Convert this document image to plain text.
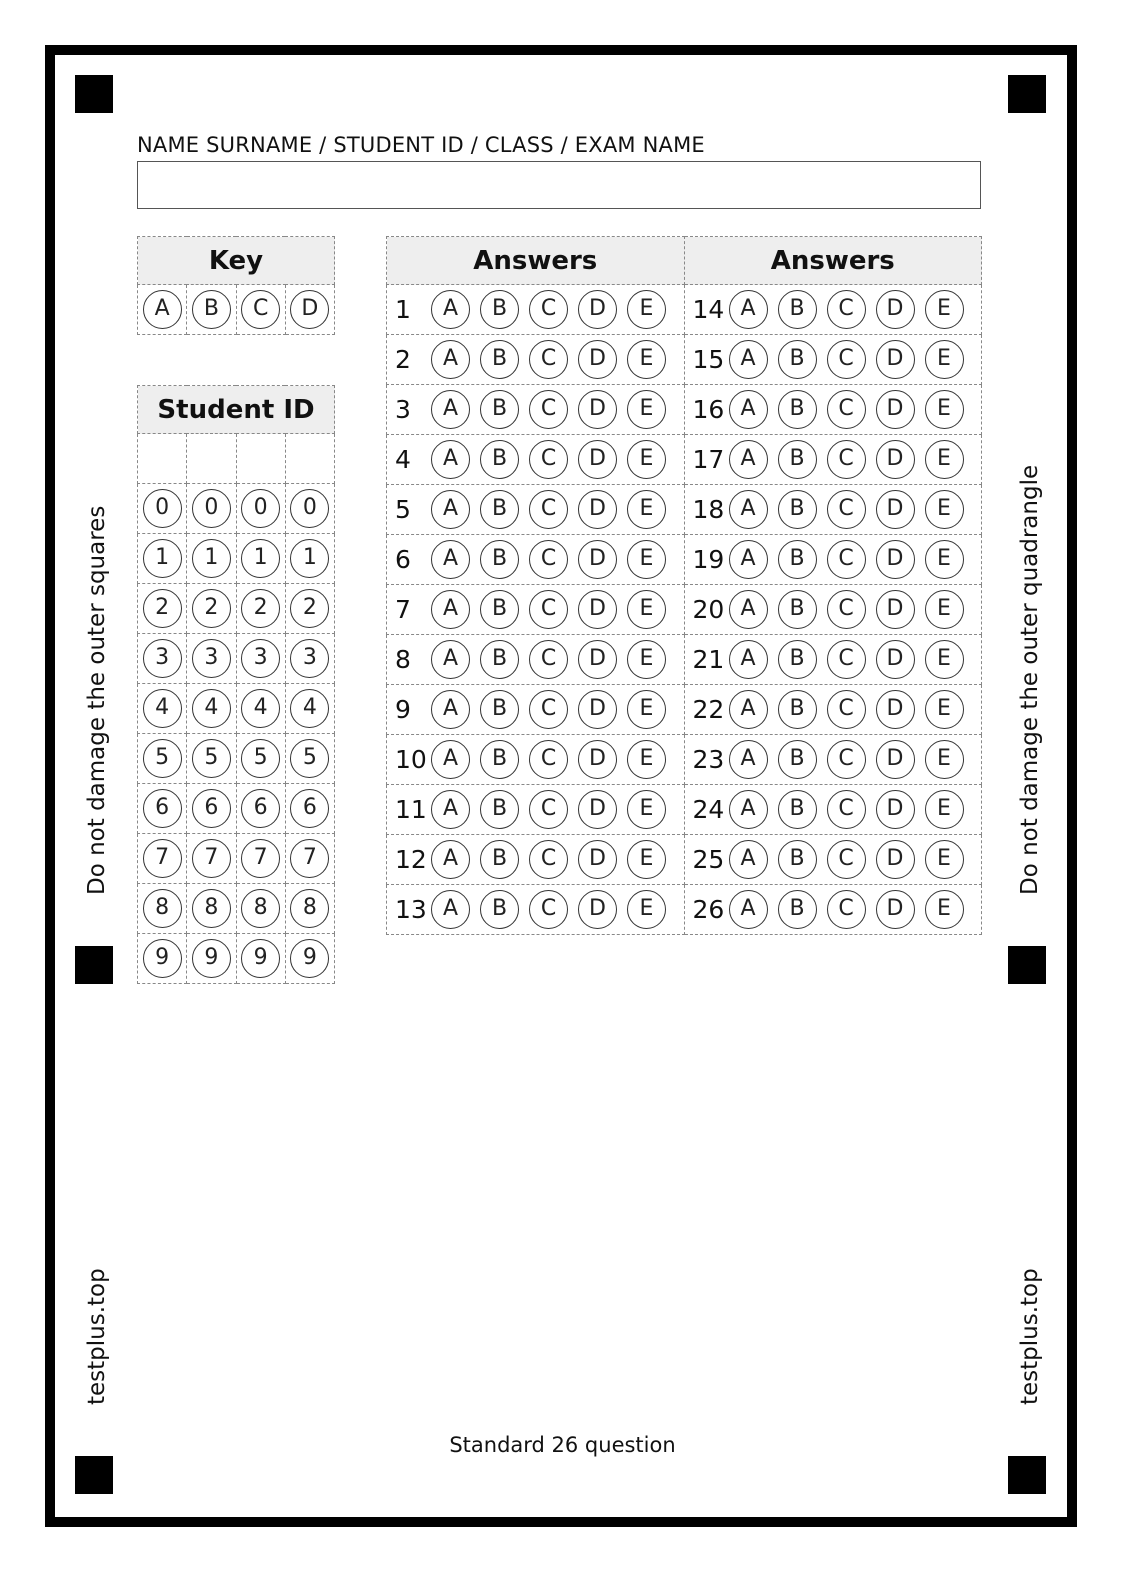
NAME SURNAME / STUDENT ID / CLASS / EXAM NAME
Key
A	B	C	D
Student ID			

0	0	0	0
1	1	1	1
2	2	2	2
3	3	3	3
4	4	4	4
5	5	5	5
6	6	6	6
7	7	7	7
8	8	8	8
9	9	9	9
Answers	Answers
1 A B C D E	14 A B C D E
2 A B C D E	15 A B C D E
3 A B C D E	16 A B C D E
4 A B C D E	17 A B C D E
5 A B C D E	18 A B C D E
6 A B C D E	19 A B C D E
7 A B C D E	20 A B C D E
8 A B C D E	21 A B C D E
9 A B C D E	22 A B C D E
10 A B C D E	23 A B C D E
11 A B C D E	24 A B C D E
12 A B C D E	25 A B C D E
13 A B C D E	26 A B C D E
Do not damage the outer squares	Do not damage the outer quadrangle
testplus.top	testplus.top
Standard 26 question
